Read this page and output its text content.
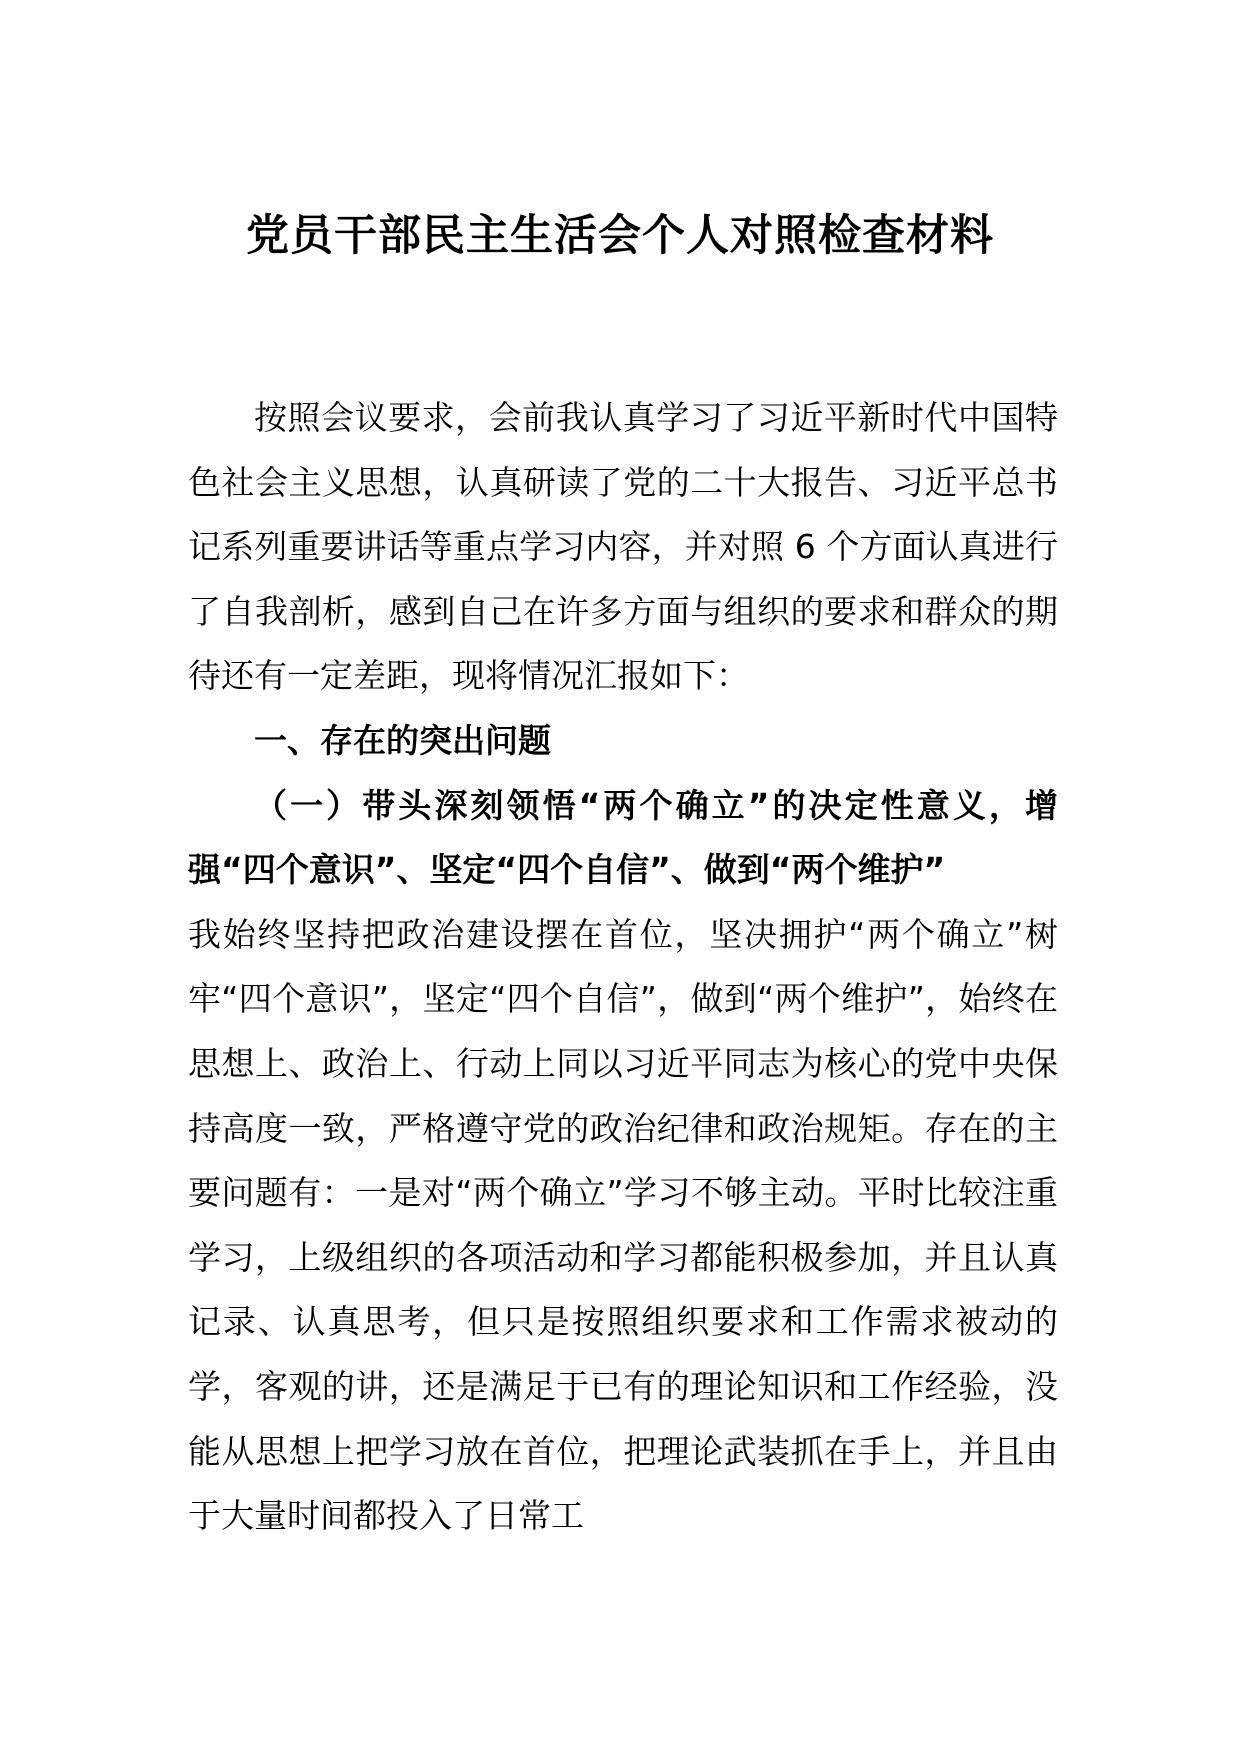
党员干部民主生活会个人对照检查材料

按照会议要求，会前我认真学习了习近平新时代中国特色社会主义思想，认真研读了党的二十大报告、习近平总书记系列重要讲话等重点学习内容，并对照 6 个方面认真进行了自我剖析，感到自己在许多方面与组织的要求和群众的期待还有一定差距，现将情况汇报如下：

一、存在的突出问题
（一）带头深刻领悟“两个确立”的决定性意义，增强“四个意识”、坚定“四个自信”、做到“两个维护”

我始终坚持把政治建设摆在首位，坚决拥护“两个确立”树牢“四个意识”，坚定“四个自信”，做到“两个维护”，始终在思想上、政治上、行动上同以习近平同志为核心的党中央保持高度一致，严格遵守党的政治纪律和政治规矩。存在的主要问题有：一是对“两个确立”学习不够主动。平时比较注重学习，上级组织的各项活动和学习都能积极参加，并且认真记录、认真思考，但只是按照组织要求和工作需求被动的学，客观的讲，还是满足于已有的理论知识和工作经验，没能从思想上把学习放在首位，把理论武装抓在手上，并且由于大量时间都投入了日常工
